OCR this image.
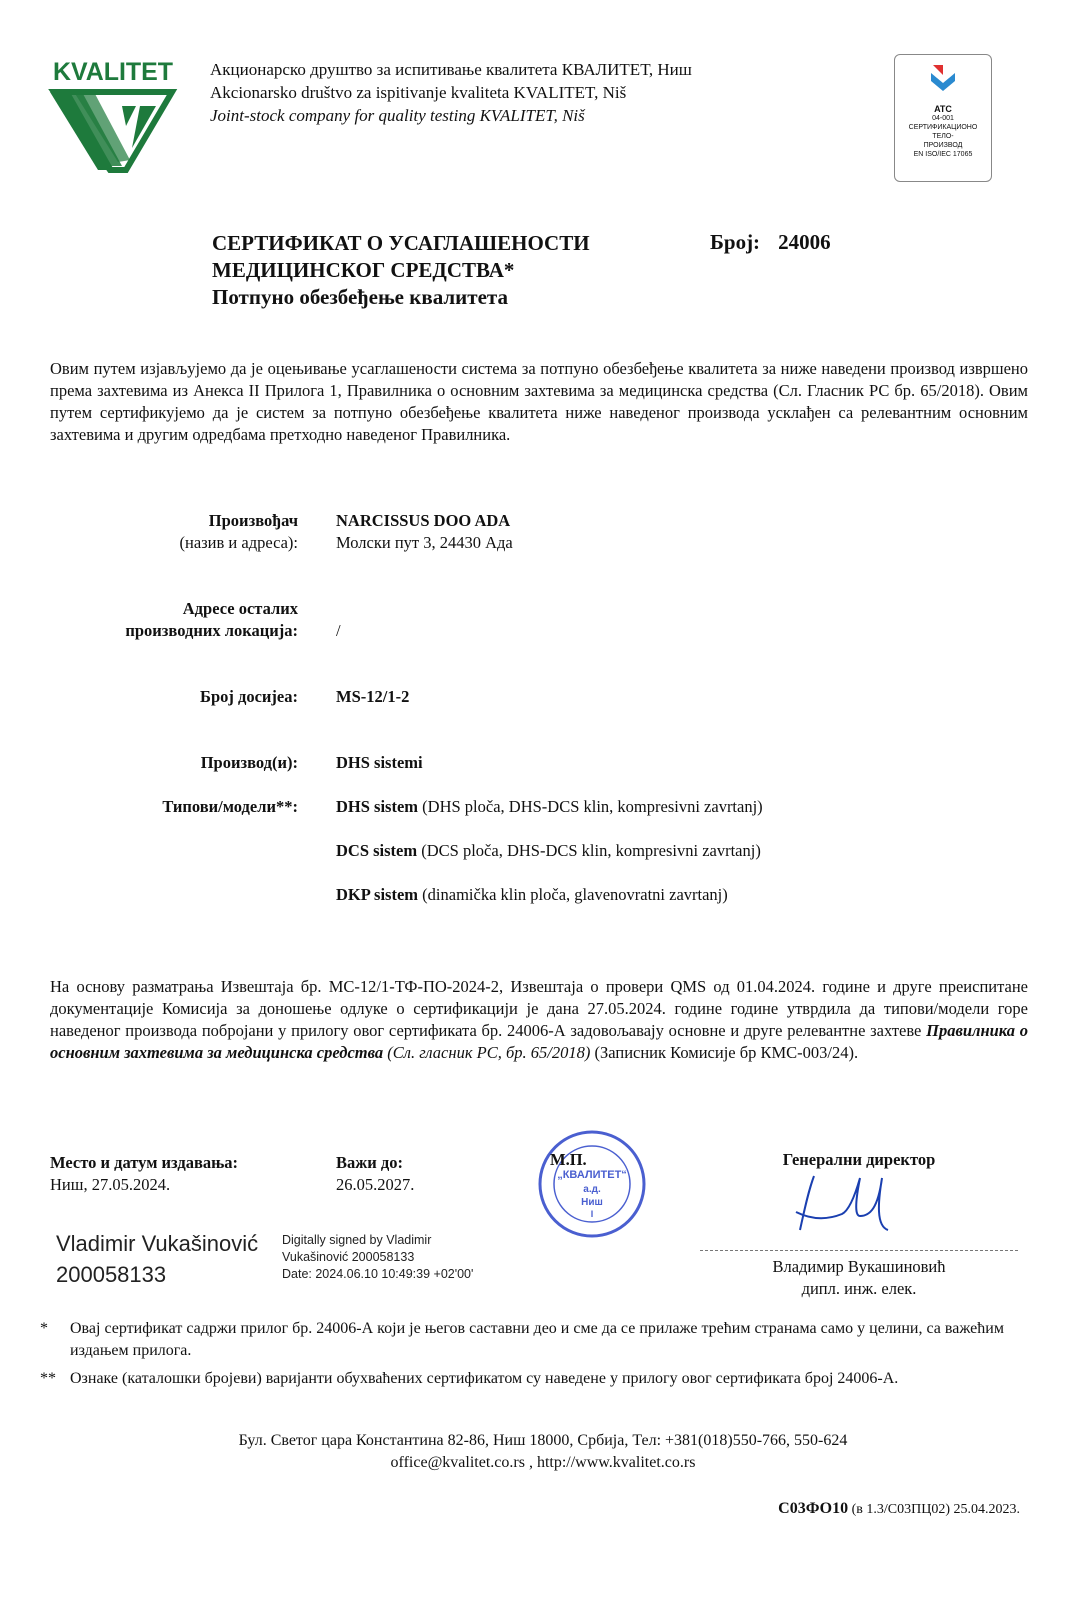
KVALITET Акционарско друштво за испитивање квалитета КВАЛИТЕТ, Ниш
Akcionarsko društvo za ispitivanje kvaliteta KVALITET, Niš
Joint-stock company for quality testing KVALITET, Niš	ATC
04-001
СЕРТИФИКАЦИОНО
ТЕЛО-
ПРОИЗВОД
EN ISO/IEC 17065
СЕРТИФИКАТ О УСАГЛАШЕНОСТИ
МЕДИЦИНСКОГ СРЕДСТВА*
Потпуно обезбеђење квалитета
Број: 24006
Овим путем изјављујемо да је оцењивање усаглашености система за потпуно обезбеђење квалитета за ниже наведени производ извршено према захтевима из Анекса II Прилога 1, Правилника о основним захтевима за медицинска средства (Сл. Гласник РС бр. 65/2018). Овим путем сертификујемо да је систем за потпуно обезбеђење квалитета ниже наведеног производа усклађен са релевантним основним захтевима и другим одредбама претходно наведеног Правилника.
Произвођач
(назив и адреса):
NARCISSUS DOO ADA
Молски пут 3, 24430 Ада
Адресе осталих
производних локација: /
Број досијеа: MS-12/1-2
Производ(и): DHS sistemi
Типови/модели**: DHS sistem (DHS ploča, DHS-DCS klin, kompresivni zavrtanj)
DCS sistem (DCS ploča, DHS-DCS klin, kompresivni zavrtanj)
DKP sistem (dinamička klin ploča, glavenovratni zavrtanj)
На основу разматрања Извештаја бр. МС-12/1-ТФ-ПО-2024-2, Извештаја о провери QMS од 01.04.2024. године и друге преиспитане документације Комисија за доношење одлуке о сертификацији је дана 27.05.2024. године године утврдила да типови/модели горе наведеног производа побројани у прилогу овог сертификата бр. 24006-А задовољавају основне и друге релевантне захтеве Правилника о основним захтевима за медицинска средства (Сл. гласник РС, бр. 65/2018) (Записник Комисије бр КМС-003/24).
Место и датум издавања:
Ниш, 27.05.2024.
Важи до:
26.05.2027.	„КВАЛИТЕТ“
а.д.
Ниш
I
М.П.
Vladimir Vukašinović
200058133
Digitally signed by Vladimir
Vukašinović 200058133
Date: 2024.06.10 10:49:39 +02'00'
Генерални директор
Владимир Вукашиновић
дипл. инж. елек.
* Овај сертификат садржи прилог бр. 24006-А који је његов саставни део и сме да се прилаже трећим странама само у целини, са важећим издањем прилога.
** Ознаке (каталошки бројеви) варијанти обухваћених сертификатом су наведене у прилогу овог сертификата број 24006-А.
Бул. Светог цара Константина 82-86, Ниш 18000, Србија, Тел: +381(018)550-766, 550-624
office@kvalitet.co.rs , http://www.kvalitet.co.rs
С03ФО10 (в 1.3/С03ПЦ02) 25.04.2023.
